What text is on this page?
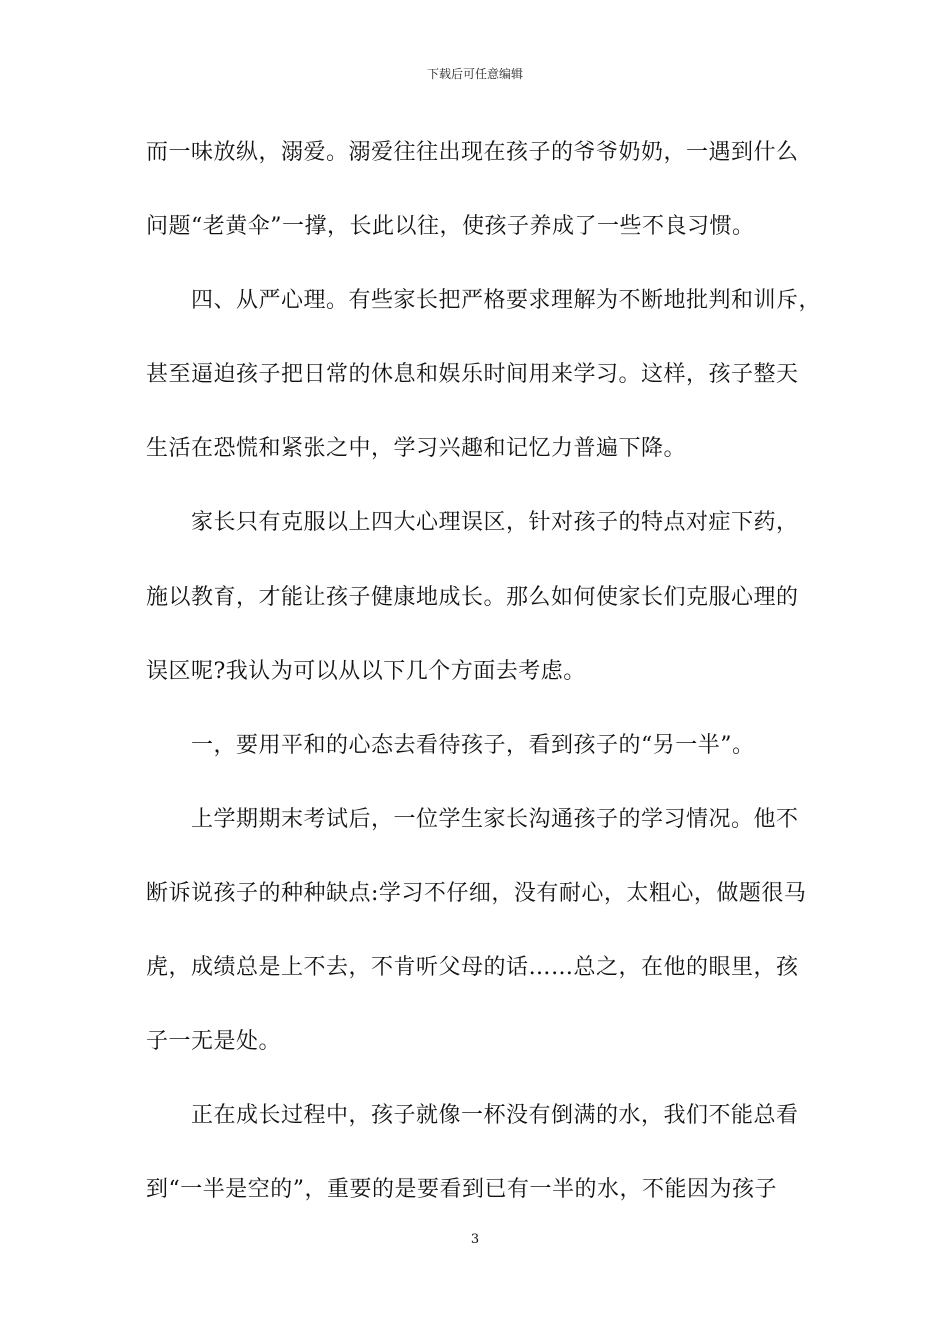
下载后可任意编辑
而一味放纵，溺爱。溺爱往往出现在孩子的爷爷奶奶，一遇到什么
问题“老黄伞”一撑，长此以往，使孩子养成了一些不良习惯。
四、从严心理。有些家长把严格要求理解为不断地批判和训斥，
甚至逼迫孩子把日常的休息和娱乐时间用来学习。这样，孩子整天
生活在恐慌和紧张之中，学习兴趣和记忆力普遍下降。
家长只有克服以上四大心理误区，针对孩子的特点对症下药，
施以教育，才能让孩子健康地成长。那么如何使家长们克服心理的
误区呢?我认为可以从以下几个方面去考虑。
一，要用平和的心态去看待孩子，看到孩子的“另一半”。
上学期期末考试后，一位学生家长沟通孩子的学习情况。他不
断诉说孩子的种种缺点:学习不仔细，没有耐心，太粗心，做题很马
虎，成绩总是上不去，不肯听父母的话……总之，在他的眼里，孩
子一无是处。
正在成长过程中，孩子就像一杯没有倒满的水，我们不能总看
到“一半是空的”，重要的是要看到已有一半的水，不能因为孩子
3
